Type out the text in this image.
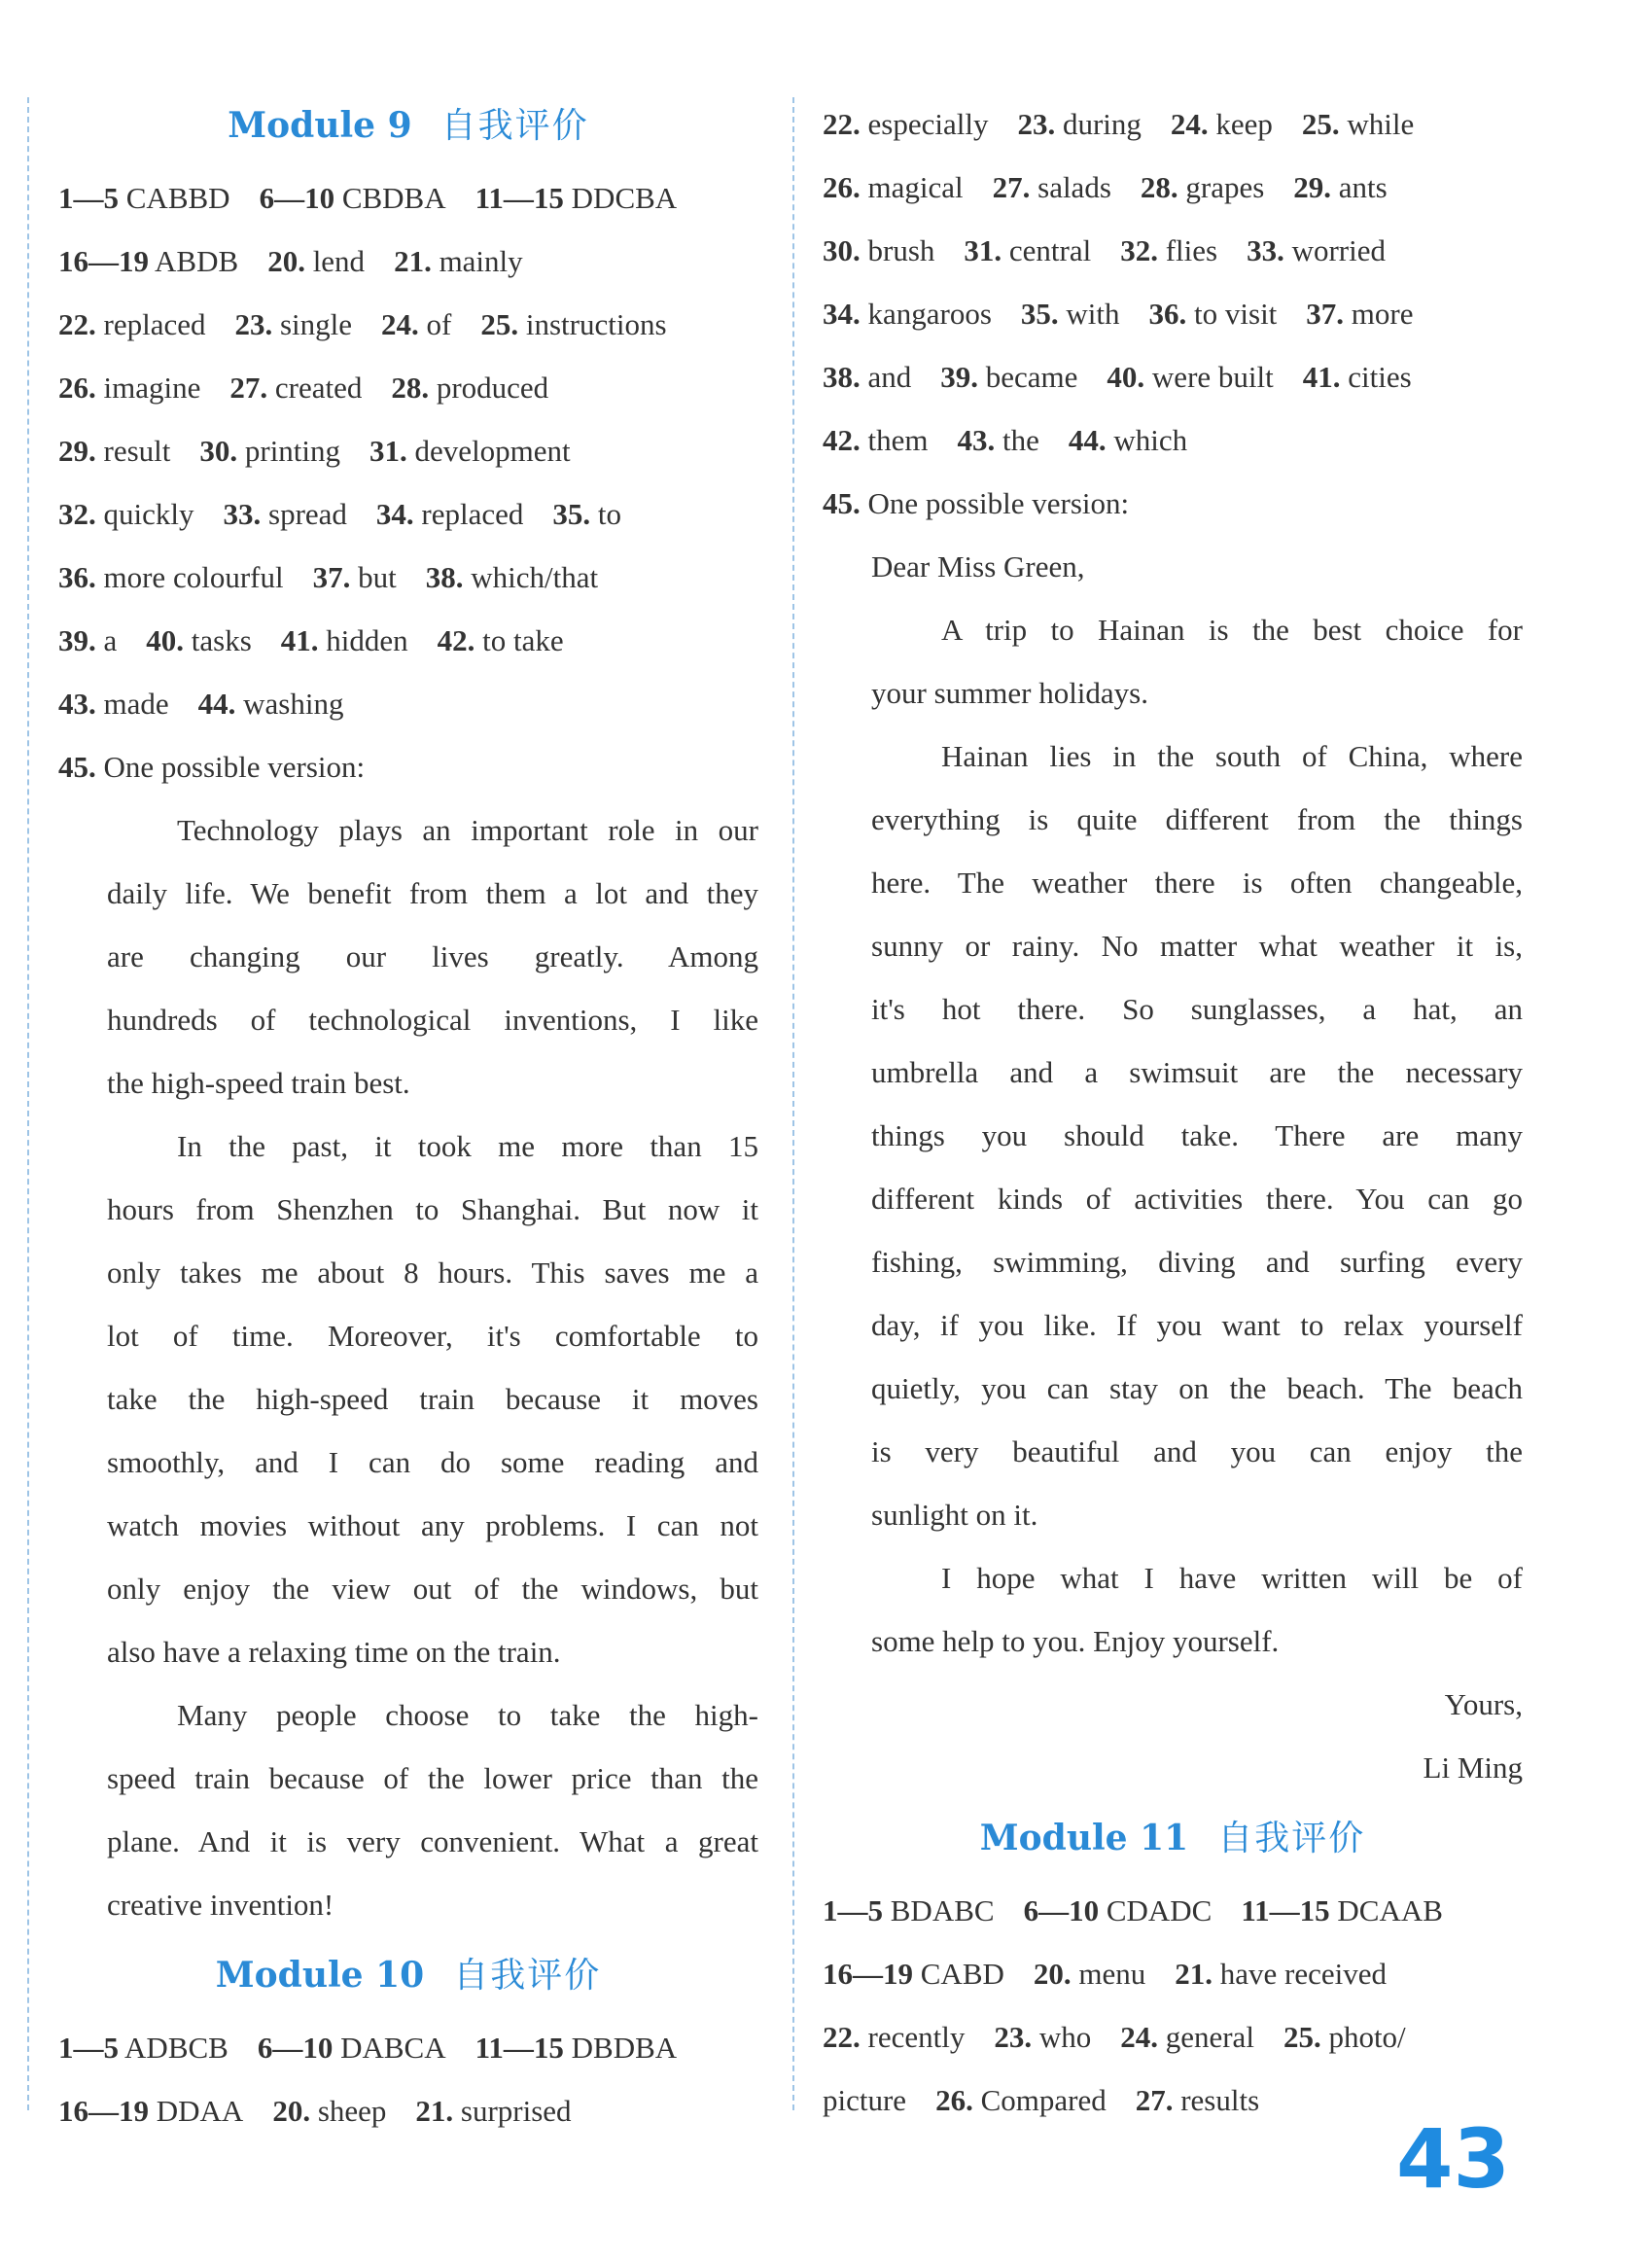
Module 9 自我评价
1—5 CABBD 6—10 CBDBA 11—15 DDCBA
16—19 ABDB 20. lend 21. mainly
22. replaced 23. single 24. of 25. instructions
26. imagine 27. created 28. produced
29. result 30. printing 31. development
32. quickly 33. spread 34. replaced 35. to
36. more colourful 37. but 38. which/that
39. a 40. tasks 41. hidden 42. to take
43. made 44. washing
45. One possible version:
Technology plays an important role in our
daily life. We benefit from them a lot and they
are changing our lives greatly. Among
hundreds of technological inventions, I like
the high-speed train best.
In the past, it took me more than 15
hours from Shenzhen to Shanghai. But now it
only takes me about 8 hours. This saves me a
lot of time. Moreover, it's comfortable to
take the high-speed train because it moves
smoothly, and I can do some reading and
watch movies without any problems. I can not
only enjoy the view out of the windows, but
also have a relaxing time on the train.
Many people choose to take the high-
speed train because of the lower price than the
plane. And it is very convenient. What a great
creative invention!
Module 10 自我评价
1—5 ADBCB 6—10 DABCA 11—15 DBDBA
16—19 DDAA 20. sheep 21. surprised
22. especially 23. during 24. keep 25. while
26. magical 27. salads 28. grapes 29. ants
30. brush 31. central 32. flies 33. worried
34. kangaroos 35. with 36. to visit 37. more
38. and 39. became 40. were built 41. cities
42. them 43. the 44. which
45. One possible version:
Dear Miss Green,
A trip to Hainan is the best choice for
your summer holidays.
Hainan lies in the south of China, where
everything is quite different from the things
here. The weather there is often changeable,
sunny or rainy. No matter what weather it is,
it's hot there. So sunglasses, a hat, an
umbrella and a swimsuit are the necessary
things you should take. There are many
different kinds of activities there. You can go
fishing, swimming, diving and surfing every
day, if you like. If you want to relax yourself
quietly, you can stay on the beach. The beach
is very beautiful and you can enjoy the
sunlight on it.
I hope what I have written will be of
some help to you. Enjoy yourself.
Yours,
Li Ming
Module 11 自我评价
1—5 BDABC 6—10 CDADC 11—15 DCAAB
16—19 CABD 20. menu 21. have received
22. recently 23. who 24. general 25. photo/
picture 26. Compared 27. results
43
